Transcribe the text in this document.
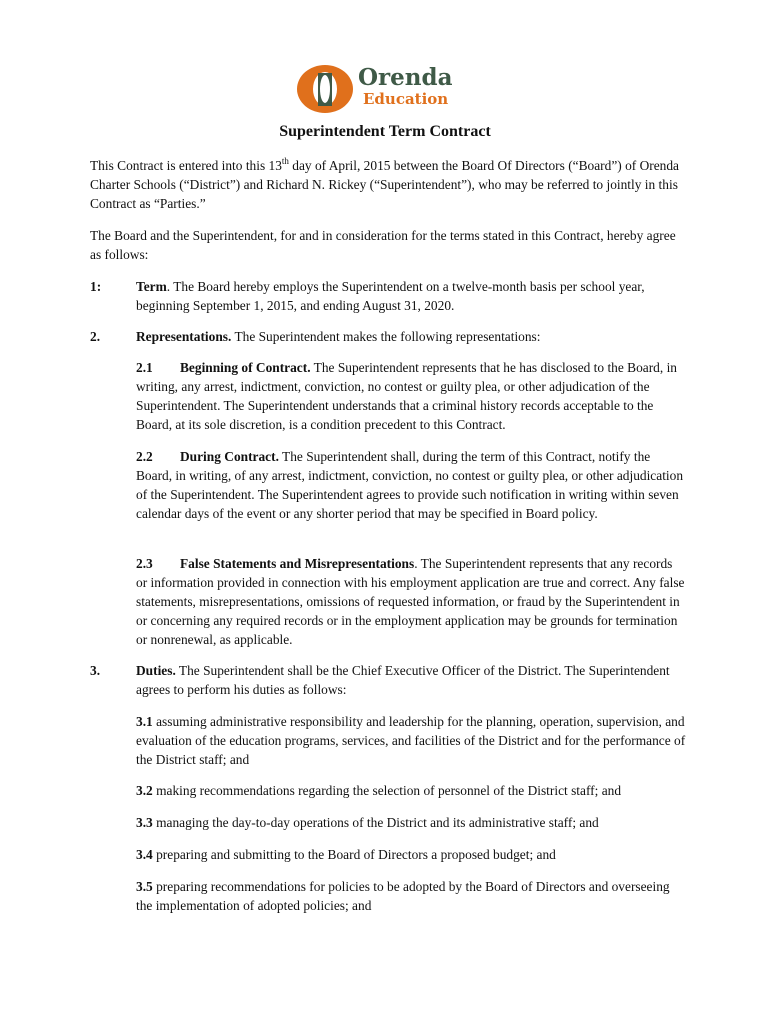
Orenda
Education
Superintendent Term Contract

This Contract is entered into this 13th day of April, 2015 between the Board Of Directors (“Board”) of Orenda Charter Schools (“District”) and Richard N. Rickey (“Superintendent”), who may be referred to jointly in this Contract as “Parties.”

The Board and the Superintendent, for and in consideration for the terms stated in this Contract, hereby agree as follows:

1:	Term. The Board hereby employs the Superintendent on a twelve-month basis per school year, beginning September 1, 2015, and ending August 31, 2020.

2.	Representations. The Superintendent makes the following representations:

2.1 Beginning of Contract. The Superintendent represents that he has disclosed to the Board, in writing, any arrest, indictment, conviction, no contest or guilty plea, or other adjudication of the Superintendent. The Superintendent understands that a criminal history records acceptable to the Board, at its sole discretion, is a condition precedent to this Contract.

2.2 During Contract. The Superintendent shall, during the term of this Contract, notify the Board, in writing, of any arrest, indictment, conviction, no contest or guilty plea, or other adjudication of the Superintendent. The Superintendent agrees to provide such notification in writing within seven calendar days of the event or any shorter period that may be specified in Board policy.

2.3 False Statements and Misrepresentations. The Superintendent represents that any records or information provided in connection with his employment application are true and correct. Any false statements, misrepresentations, omissions of requested information, or fraud by the Superintendent in or concerning any required records or in the employment application may be grounds for termination or nonrenewal, as applicable.

3.	Duties. The Superintendent shall be the Chief Executive Officer of the District. The Superintendent agrees to perform his duties as follows:

3.1 assuming administrative responsibility and leadership for the planning, operation, supervision, and evaluation of the education programs, services, and facilities of the District and for the performance of the District staff; and

3.2 making recommendations regarding the selection of personnel of the District staff; and

3.3 managing the day-to-day operations of the District and its administrative staff; and

3.4 preparing and submitting to the Board of Directors a proposed budget; and

3.5 preparing recommendations for policies to be adopted by the Board of Directors and overseeing the implementation of adopted policies; and
